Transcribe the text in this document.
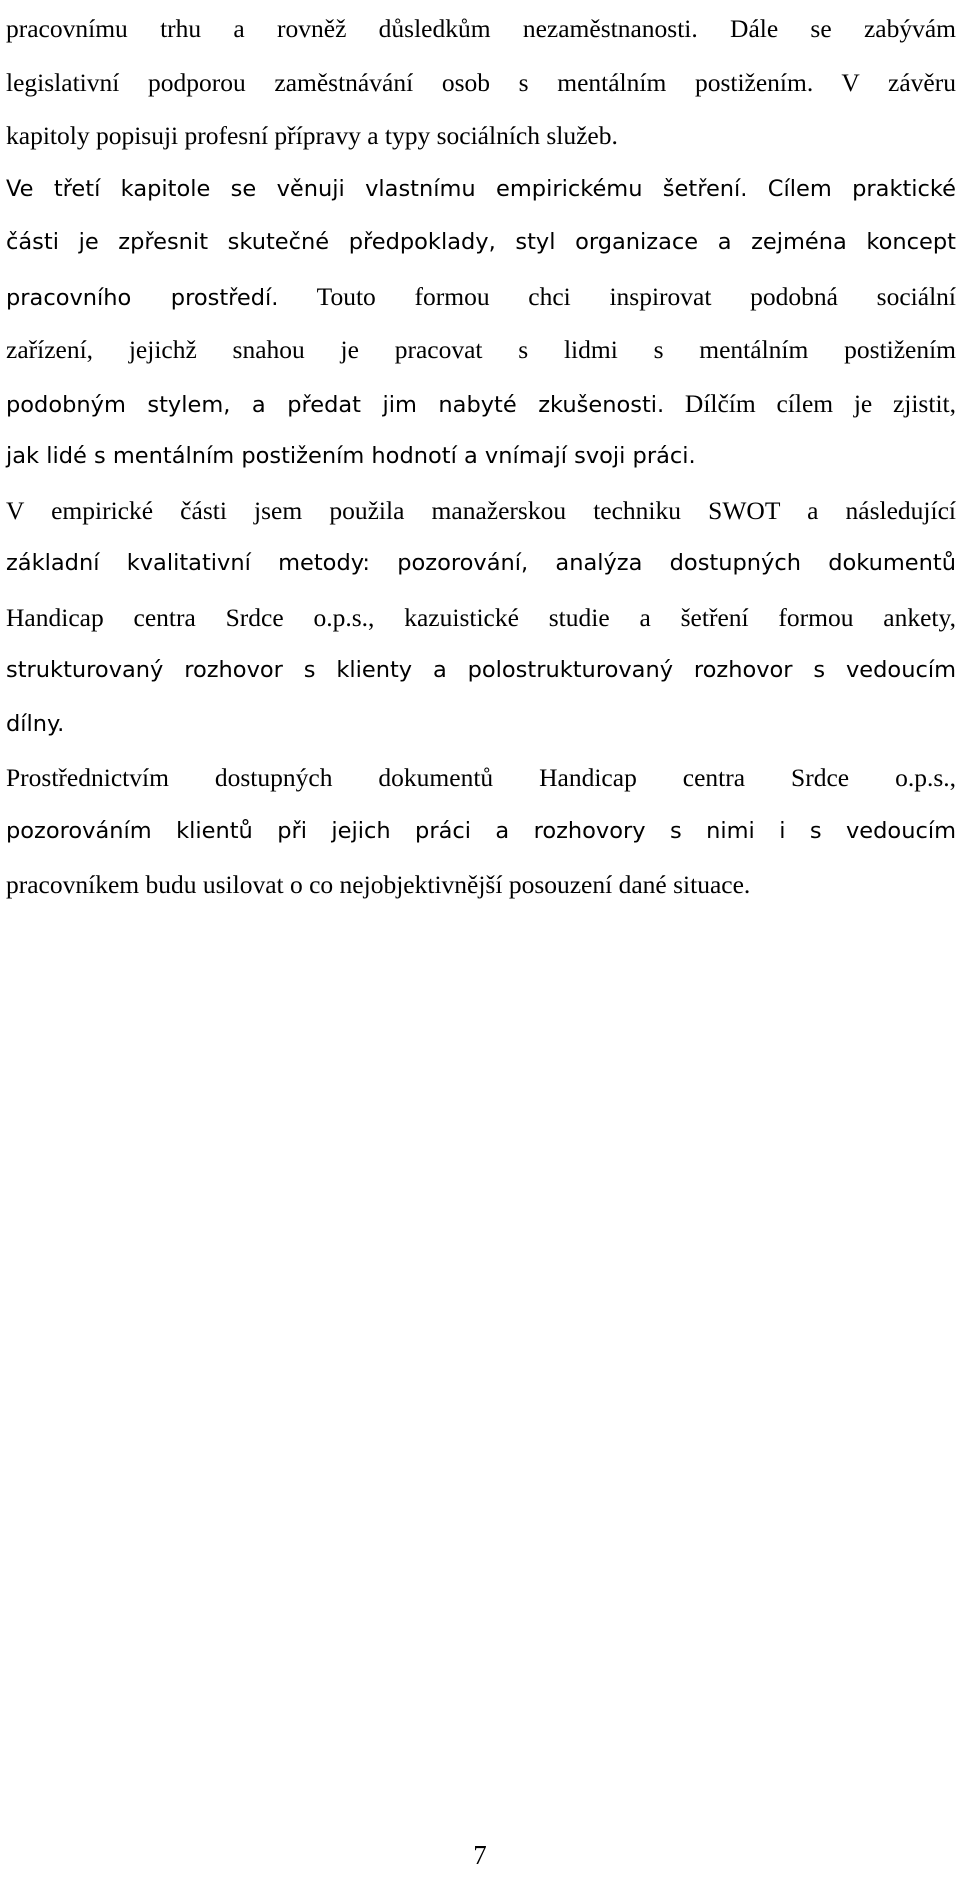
pracovnímu trhu a rovněž důsledkům nezaměstnanosti. Dále se zabývám
legislativní podporou zaměstnávání osob s mentálním postižením. V závěru
kapitoly popisuji profesní přípravy a typy sociálních služeb.
Ve třetí kapitole se věnuji vlastnímu empirickému šetření. Cílem praktické
části je zpřesnit skutečné předpoklady, styl organizace a zejména koncept
pracovního prostředí. Touto formou chci inspirovat podobná sociální
zařízení, jejichž snahou je pracovat s lidmi s mentálním postižením
podobným stylem, a předat jim nabyté zkušenosti. Dílčím cílem je zjistit,
jak lidé s mentálním postižením hodnotí a vnímají svoji práci.
V empirické části jsem použila manažerskou techniku SWOT a následující
základní kvalitativní metody: pozorování, analýza dostupných dokumentů
Handicap centra Srdce o.p.s., kazuistické studie a šetření formou ankety,
strukturovaný rozhovor s klienty a polostrukturovaný rozhovor s vedoucím
dílny.
Prostřednictvím dostupných dokumentů Handicap centra Srdce o.p.s.,
pozorováním klientů při jejich práci a rozhovory s nimi i s vedoucím
pracovníkem budu usilovat o co nejobjektivnější posouzení dané situace.
7
